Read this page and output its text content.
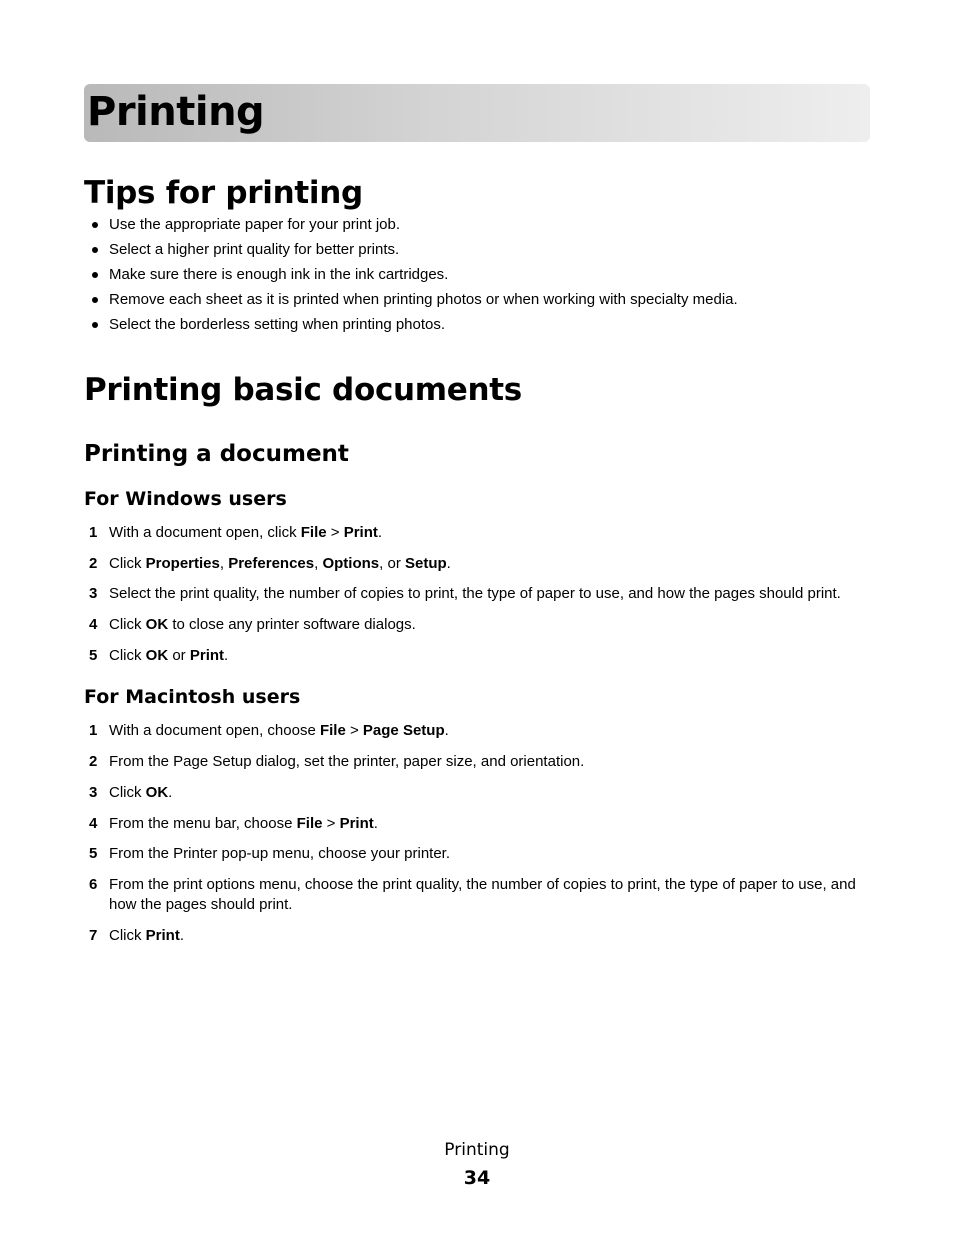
Printing
Tips for printing
Use the appropriate paper for your print job.
Select a higher print quality for better prints.
Make sure there is enough ink in the ink cartridges.
Remove each sheet as it is printed when printing photos or when working with specialty media.
Select the borderless setting when printing photos.
Printing basic documents
Printing a document
For Windows users
1 With a document open, click File > Print.
2 Click Properties, Preferences, Options, or Setup.
3 Select the print quality, the number of copies to print, the type of paper to use, and how the pages should print.
4 Click OK to close any printer software dialogs.
5 Click OK or Print.
For Macintosh users
1 With a document open, choose File > Page Setup.
2 From the Page Setup dialog, set the printer, paper size, and orientation.
3 Click OK.
4 From the menu bar, choose File > Print.
5 From the Printer pop-up menu, choose your printer.
6 From the print options menu, choose the print quality, the number of copies to print, the type of paper to use, and how the pages should print.
7 Click Print.
Printing
34
